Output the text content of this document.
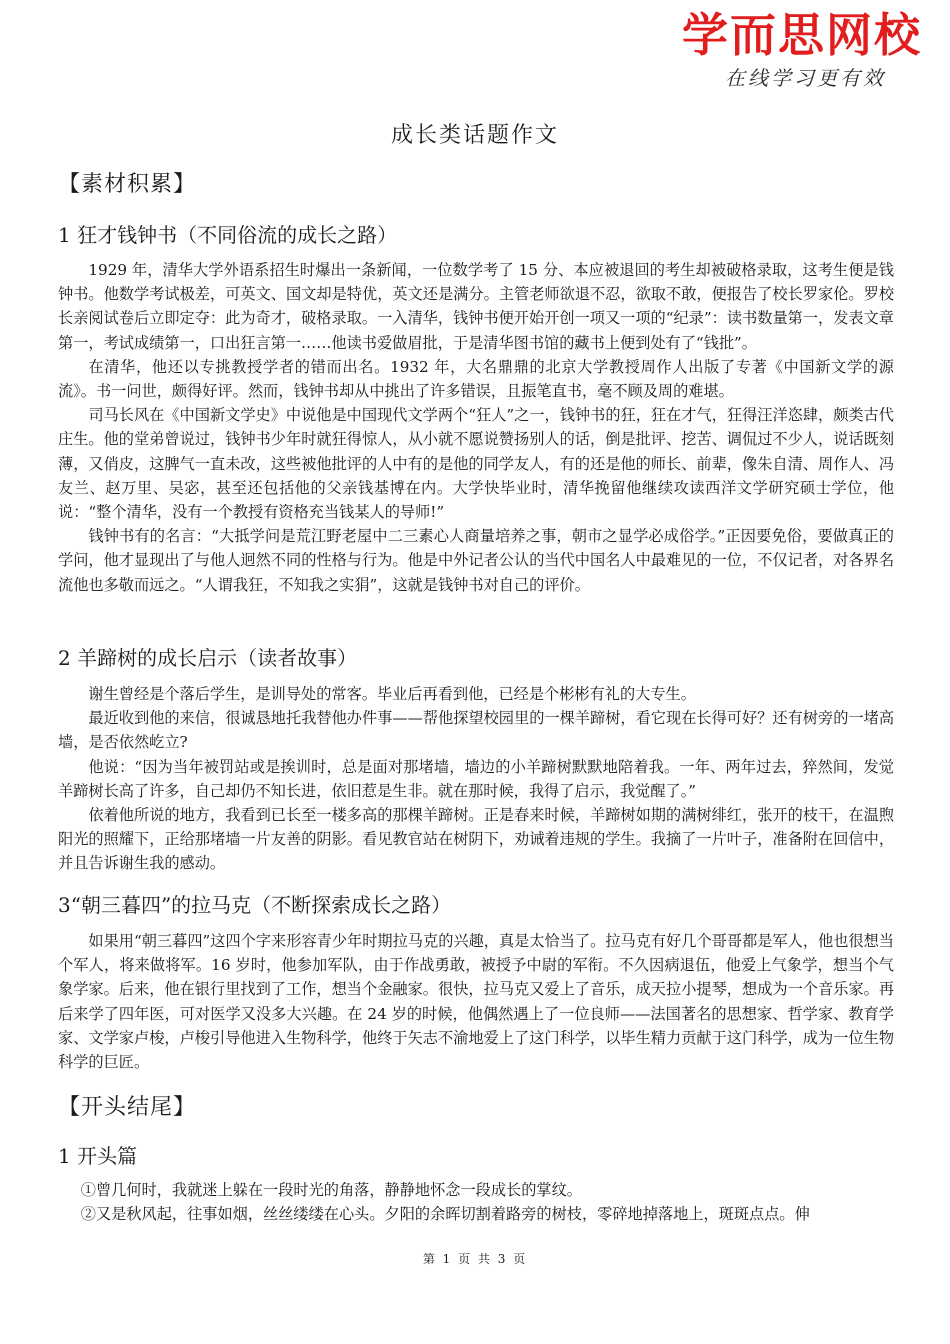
学而思网校
在线学习更有效
成长类话题作文
【素材积累】
1 狂才钱钟书（不同俗流的成长之路）

1929 年，清华大学外语系招生时爆出一条新闻，一位数学考了 15 分、本应被退回的考生却被破格录取，这考生便是钱钟书。他数学考试极差，可英文、国文却是特优，英文还是满分。主管老师欲退不忍，欲取不敢，便报告了校长罗家伦。罗校长亲阅试卷后立即定夺：此为奇才，破格录取。一入清华，钱钟书便开始开创一项又一项的“纪录”：读书数量第一，发表文章第一，考试成绩第一，口出狂言第一……他读书爱做眉批，于是清华图书馆的藏书上便到处有了“钱批”。

在清华，他还以专挑教授学者的错而出名。1932 年，大名鼎鼎的北京大学教授周作人出版了专著《中国新文学的源流》。书一问世，颇得好评。然而，钱钟书却从中挑出了许多错误，且振笔直书，毫不顾及周的难堪。

司马长风在《中国新文学史》中说他是中国现代文学两个“狂人”之一，钱钟书的狂，狂在才气，狂得汪洋恣肆，颇类古代庄生。他的堂弟曾说过，钱钟书少年时就狂得惊人，从小就不愿说赞扬别人的话，倒是批评、挖苦、调侃过不少人，说话既刻薄，又俏皮，这脾气一直未改，这些被他批评的人中有的是他的同学友人，有的还是他的师长、前辈，像朱自清、周作人、冯友兰、赵万里、吴宓，甚至还包括他的父亲钱基博在内。大学快毕业时，清华挽留他继续攻读西洋文学研究硕士学位，他说：“整个清华，没有一个教授有资格充当钱某人的导师!”

钱钟书有的名言：“大抵学问是荒江野老屋中二三素心人商量培养之事，朝市之显学必成俗学。”正因要免俗，要做真正的学问，他才显现出了与他人迥然不同的性格与行为。他是中外记者公认的当代中国名人中最难见的一位，不仅记者，对各界名流他也多敬而远之。“人谓我狂，不知我之实狷”，这就是钱钟书对自己的评价。

2 羊蹄树的成长启示（读者故事）

谢生曾经是个落后学生，是训导处的常客。毕业后再看到他，已经是个彬彬有礼的大专生。

最近收到他的来信，很诚恳地托我替他办件事——帮他探望校园里的一棵羊蹄树，看它现在长得可好？还有树旁的一堵高墙，是否依然屹立?

他说：“因为当年被罚站或是挨训时，总是面对那堵墙，墙边的小羊蹄树默默地陪着我。一年、两年过去，猝然间，发觉羊蹄树长高了许多，自己却仍不知长进，依旧惹是生非。就在那时候，我得了启示，我觉醒了。”

依着他所说的地方，我看到已长至一楼多高的那棵羊蹄树。正是春来时候，羊蹄树如期的满树绯红，张开的枝干，在温煦阳光的照耀下，正给那堵墙一片友善的阴影。看见教官站在树阴下，劝诫着违规的学生。我摘了一片叶子，准备附在回信中，并且告诉谢生我的感动。

3“朝三暮四”的拉马克（不断探索成长之路）

如果用“朝三暮四”这四个字来形容青少年时期拉马克的兴趣，真是太恰当了。拉马克有好几个哥哥都是军人，他也很想当个军人，将来做将军。16 岁时，他参加军队，由于作战勇敢，被授予中尉的军衔。不久因病退伍，他爱上气象学，想当个气象学家。后来，他在银行里找到了工作，想当个金融家。很快，拉马克又爱上了音乐，成天拉小提琴，想成为一个音乐家。再后来学了四年医，可对医学又没多大兴趣。在 24 岁的时候，他偶然遇上了一位良师——法国著名的思想家、哲学家、教育学家、文学家卢梭，卢梭引导他进入生物科学，他终于矢志不渝地爱上了这门科学，以毕生精力贡献于这门科学，成为一位生物科学的巨匠。

【开头结尾】
1 开头篇

①曾几何时，我就迷上躲在一段时光的角落，静静地怀念一段成长的掌纹。

②又是秋风起，往事如烟，丝丝缕缕在心头。夕阳的余晖切割着路旁的树枝，零碎地掉落地上，斑斑点点。伸

第 1 页 共 3 页
